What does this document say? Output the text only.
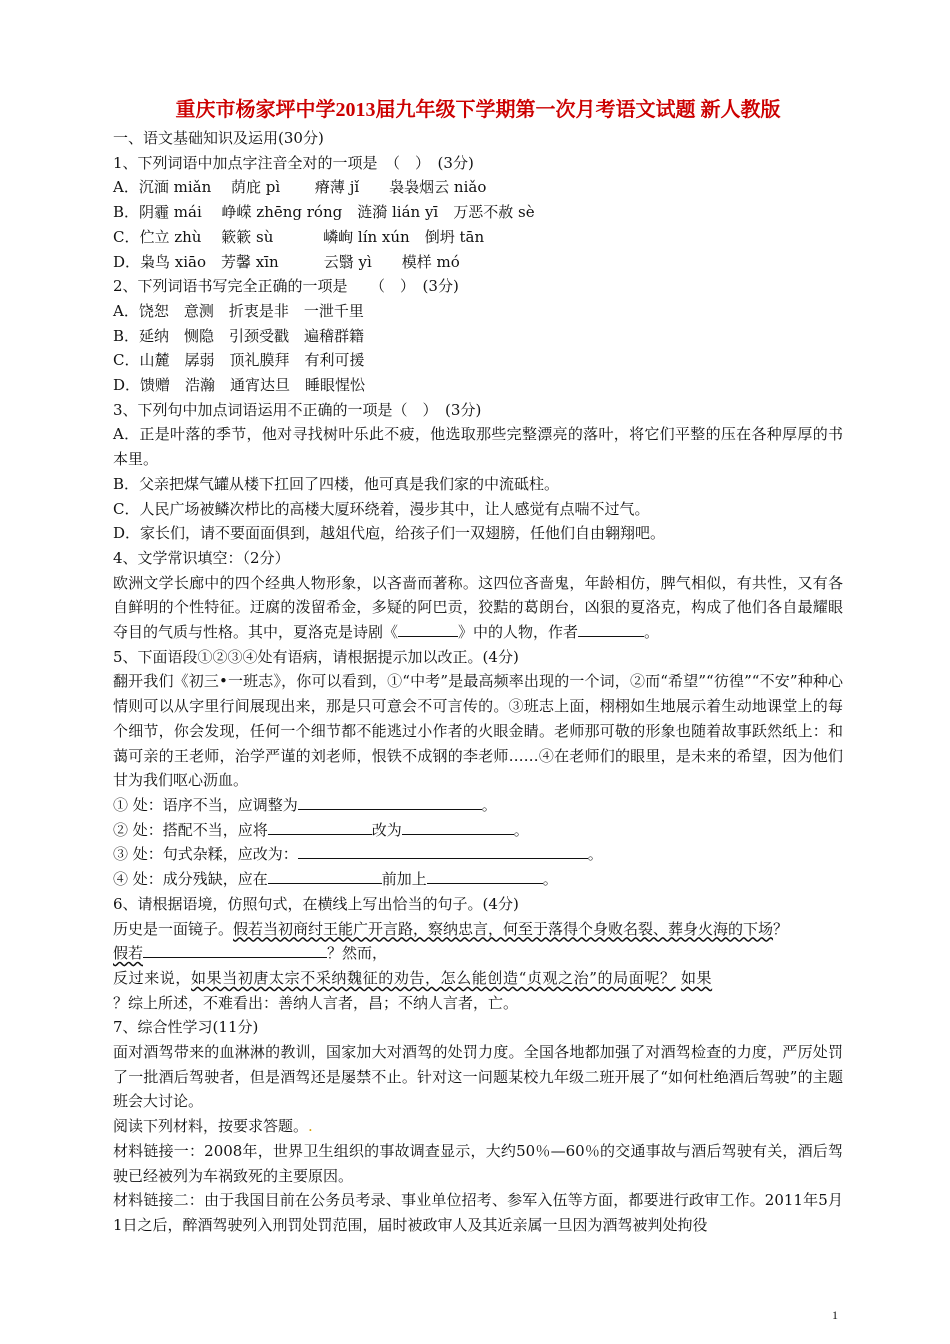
重庆市杨家坪中学2013届九年级下学期第一次月考语文试题 新人教版
一、语文基础知识及运用(30分)
1、下列词语中加点字注音全对的一项是　（　）　(3分)
A．沉湎 miǎn　 荫庇 pì　　 瘠薄 jǐ　　袅袅烟云 niǎo
B．阴霾 mái　 峥嵘 zhēng róng　涟漪 lián yī　万恶不赦 sè
C．伫立 zhù　 簌簌 sù　　　 嶙峋 lín xún　倒坍 tān
D．枭鸟 xiāo　芳馨 xīn　　　云翳 yì　　模样 mó
2、下列词语书写完全正确的一项是　　（　）　(3分)
A．饶恕　意测　折衷是非　一泄千里
B．延纳　恻隐　引颈受戳　遍稽群籍
C．山麓　孱弱　顶礼膜拜　有利可援
D．馈赠　浩瀚　通宵达旦　睡眼惺忪
3、下列句中加点词语运用不正确的一项是（　）　(3分)
A．正是叶落的季节，他对寻找树叶乐此不疲，他选取那些完整漂亮的落叶，将它们平整的压在各种厚厚的书本里。
B．父亲把煤气罐从楼下扛回了四楼，他可真是我们家的中流砥柱。
C．人民广场被鳞次栉比的高楼大厦环绕着，漫步其中，让人感觉有点喘不过气。
D．家长们，请不要面面俱到，越俎代庖，给孩子们一双翅膀，任他们自由翱翔吧。
4、文学常识填空：（2分）
欧洲文学长廊中的四个经典人物形象，以吝啬而著称。这四位吝啬鬼，年龄相仿，脾气相似，有共性，又有各自鲜明的个性特征。迂腐的泼留希金，多疑的阿巴贡，狡黠的葛朗台，凶狠的夏洛克，构成了他们各自最耀眼夺目的气质与性格。其中，夏洛克是诗剧《	》中的人物，作者	。
5、下面语段①②③④处有语病，请根据提示加以改正。(4分)
翻开我们《初三•一班志》，你可以看到，①“中考”是最高频率出现的一个词，②而“希望”“彷徨”“不安”种种心情则可以从字里行间展现出来，那是只可意会不可言传的。③班志上面，栩栩如生地展示着生动地课堂上的每个细节，你会发现，任何一个细节都不能逃过小作者的火眼金睛。老师那可敬的形象也随着故事跃然纸上：和蔼可亲的王老师，治学严谨的刘老师，恨铁不成钢的李老师……④在老师们的眼里，是未来的希望，因为他们甘为我们呕心沥血。
① 处：语序不当，应调整为	。
② 处：搭配不当，应将	改为	。
③ 处：句式杂糅，应改为：	。
④ 处：成分残缺，应在	前加上	。
6、请根据语境，仿照句式，在横线上写出恰当的句子。(4分)
历史是一面镜子。假若当初商纣王能广开言路，察纳忠言，何至于落得个身败名裂、葬身火海的下场？
假若	？然而，
反过来说，如果当初唐太宗不采纳魏征的劝告，怎么能创造“贞观之治”的局面呢？ 如果
？综上所述，不难看出：善纳人言者，昌；不纳人言者，亡。
7、综合性学习(11分)
面对酒驾带来的血淋淋的教训，国家加大对酒驾的处罚力度。全国各地都加强了对酒驾检查的力度，严厉处罚了一批酒后驾驶者，但是酒驾还是屡禁不止。针对这一问题某校九年级二班开展了“如何杜绝酒后驾驶”的主题班会大讨论。
阅读下列材料，按要求答题。.
材料链接一：2008年，世界卫生组织的事故调查显示，大约50％—60％的交通事故与酒后驾驶有关，酒后驾驶已经被列为车祸致死的主要原因。
材料链接二：由于我国目前在公务员考录、事业单位招考、参军入伍等方面，都要进行政审工作。2011年5月1日之后，醉酒驾驶列入刑罚处罚范围，届时被政审人及其近亲属一旦因为酒驾被判处拘役
1
